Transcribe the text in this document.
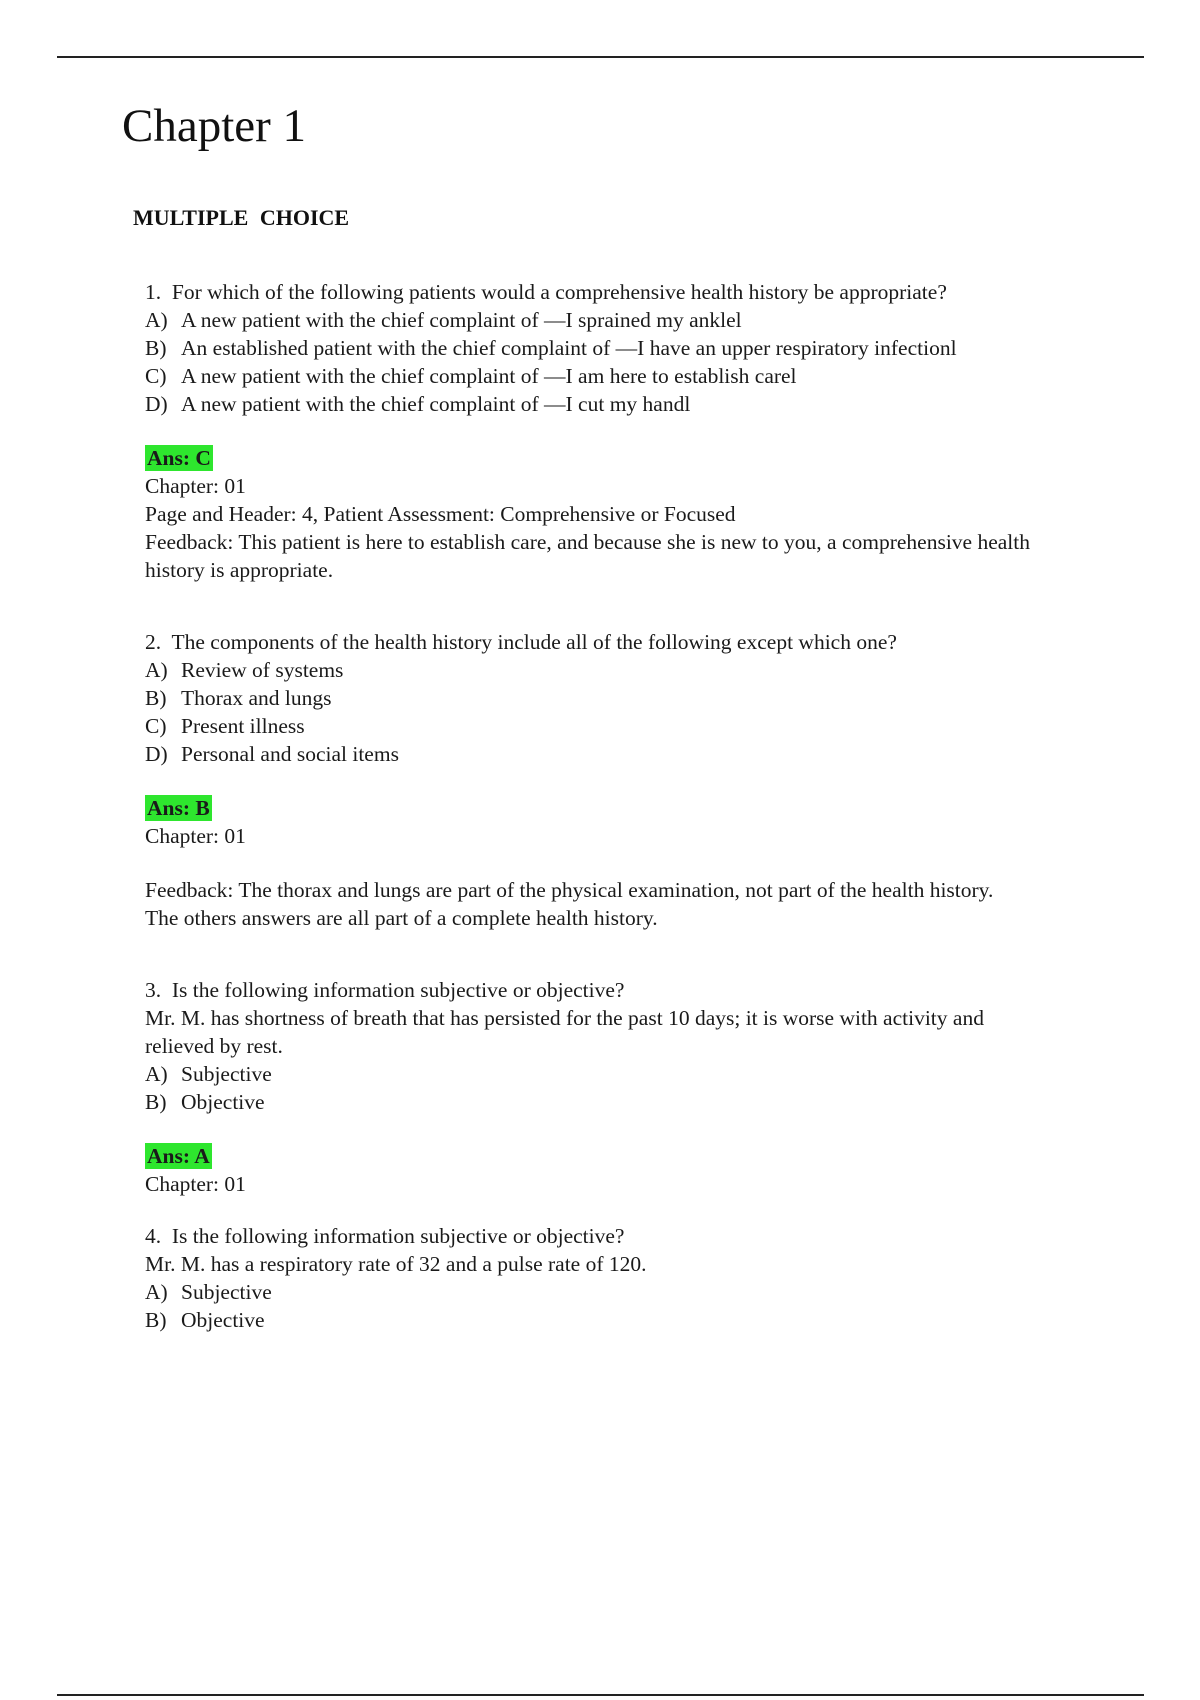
Chapter 1
MULTIPLE CHOICE
1. For which of the following patients would a comprehensive health history be appropriate?
A) A new patient with the chief complaint of —I sprained my anklel
B) An established patient with the chief complaint of —I have an upper respiratory infectionl
C) A new patient with the chief complaint of —I am here to establish carel
D) A new patient with the chief complaint of —I cut my handl
Ans: C
Chapter: 01
Page and Header: 4, Patient Assessment: Comprehensive or Focused
Feedback: This patient is here to establish care, and because she is new to you, a comprehensive health history is appropriate.
2. The components of the health history include all of the following except which one?
A) Review of systems
B) Thorax and lungs
C) Present illness
D) Personal and social items
Ans: B
Chapter: 01
Feedback: The thorax and lungs are part of the physical examination, not part of the health history. The others answers are all part of a complete health history.
3. Is the following information subjective or objective?
Mr. M. has shortness of breath that has persisted for the past 10 days; it is worse with activity and relieved by rest.
A) Subjective
B) Objective
Ans: A
Chapter: 01
4. Is the following information subjective or objective?
Mr. M. has a respiratory rate of 32 and a pulse rate of 120.
A) Subjective
B) Objective
